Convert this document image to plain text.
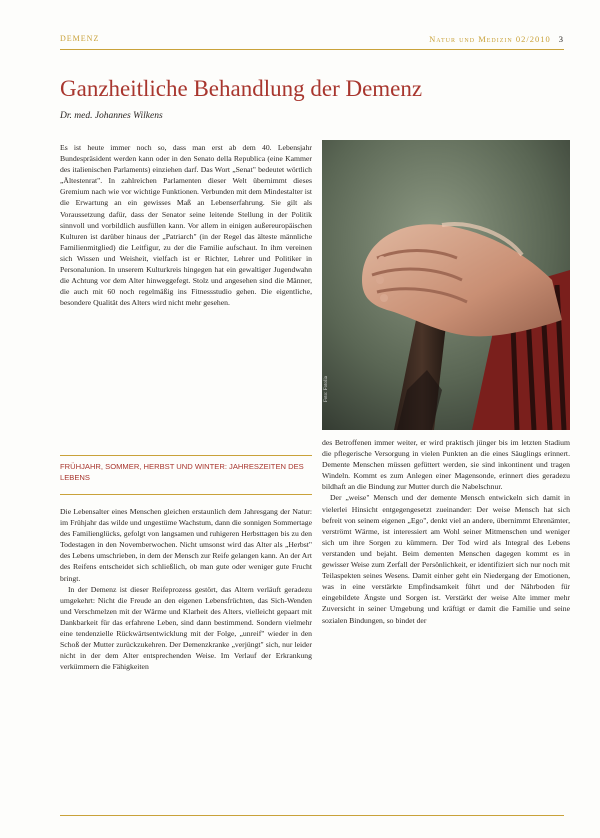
DEMENZ	Natur und Medizin 02/2010 3
Ganzheitliche Behandlung der Demenz
Dr. med. Johannes Wilkens

Es ist heute immer noch so, dass man erst ab dem 40. Lebensjahr Bundespräsident werden kann oder in den Senato della Republica (eine Kammer des italienischen Parlaments) einziehen darf. Das Wort „Senat" bedeutet wörtlich „Ältestenrat". In zahlreichen Parlamenten dieser Welt übernimmt dieses Gremium nach wie vor wichtige Funktionen. Verbunden mit dem Mindestalter ist die Erwartung an ein gewisses Maß an Lebenserfahrung. Sie gilt als Voraussetzung dafür, dass der Senator seine leitende Stellung in der Politik sinnvoll und vorbildlich ausfüllen kann. Vor allem in einigen außereuropäischen Kulturen ist darüber hinaus der „Patriarch" (in der Regel das älteste männliche Familienmitglied) die Leitfigur, zu der die Familie aufschaut. In ihm vereinen sich Wissen und Weisheit, vielfach ist er Richter, Lehrer und Politiker in Personalunion. In unserem Kulturkreis hingegen hat ein gewaltiger Jugendwahn die Achtung vor dem Alter hinweggefegt. Stolz und angesehen sind die Männer, die auch mit 60 noch regelmäßig ins Fitnessstudio gehen. Die eigentliche, besondere Qualität des Alters wird nicht mehr gesehen.

FRÜHJAHR, SOMMER, HERBST UND WINTER: JAHRESZEITEN DES LEBENS

Die Lebensalter eines Menschen gleichen erstaunlich dem Jahresgang der Natur: im Frühjahr das wilde und ungestüme Wachstum, dann die sonnigen Sommertage des Familienglücks, gefolgt von langsamen und ruhigeren Herbsttagen bis zu den Todestagen in den Novemberwochen. Nicht umsonst wird das Alter als „Herbst" des Lebens umschrieben, in dem der Mensch zur Reife gelangen kann. An der Art des Reifens entscheidet sich schließlich, ob man gute oder weniger gute Frucht bringt.

In der Demenz ist dieser Reifeprozess gestört, das Altern verläuft geradezu umgekehrt: Nicht die Freude an den eigenen Lebensfrüchten, das Sich-Wenden und Verschmelzen mit der Wärme und Klarheit des Alters, vielleicht gepaart mit Dankbarkeit für das erfahrene Leben, sind dann bestimmend. Sondern vielmehr eine tendenzielle Rückwärtsentwicklung mit der Folge, „unreif" wieder in den Schoß der Mutter zurückzukehren. Der Demenzkranke „verjüngt" sich, nur leider nicht in der dem Alter entsprechenden Weise. Im Verlauf der Erkrankung verkümmern die Fähigkeiten

Foto: Fotolia

des Betroffenen immer weiter, er wird praktisch jünger bis im letzten Stadium die pflegerische Versorgung in vielen Punkten an die eines Säuglings erinnert. Demente Menschen müssen gefüttert werden, sie sind inkontinent und tragen Windeln. Kommt es zum Anlegen einer Magensonde, erinnert dies geradezu bildhaft an die Bindung zur Mutter durch die Nabelschnur.

Der „weise" Mensch und der demente Mensch entwickeln sich damit in vielerlei Hinsicht entgegengesetzt zueinander: Der weise Mensch hat sich befreit von seinem eigenen „Ego", denkt viel an andere, übernimmt Ehrenämter, verströmt Wärme, ist interessiert am Wohl seiner Mitmenschen und weniger sich um ihre Sorgen zu kümmern. Der Tod wird als Integral des Lebens verstanden und bejaht. Beim dementen Menschen dagegen kommt es in gewisser Weise zum Zerfall der Persönlichkeit, er identifiziert sich nur noch mit Teilaspekten seines Wesens. Damit einher geht ein Niedergang der Emotionen, was in eine verstärkte Empfindsamkeit führt und der Nährboden für eingebildete Ängste und Sorgen ist. Verstärkt der weise Alte immer mehr Zuversicht in seiner Umgebung und kräftigt er damit die Familie und seine sozialen Bindungen, so bindet der
